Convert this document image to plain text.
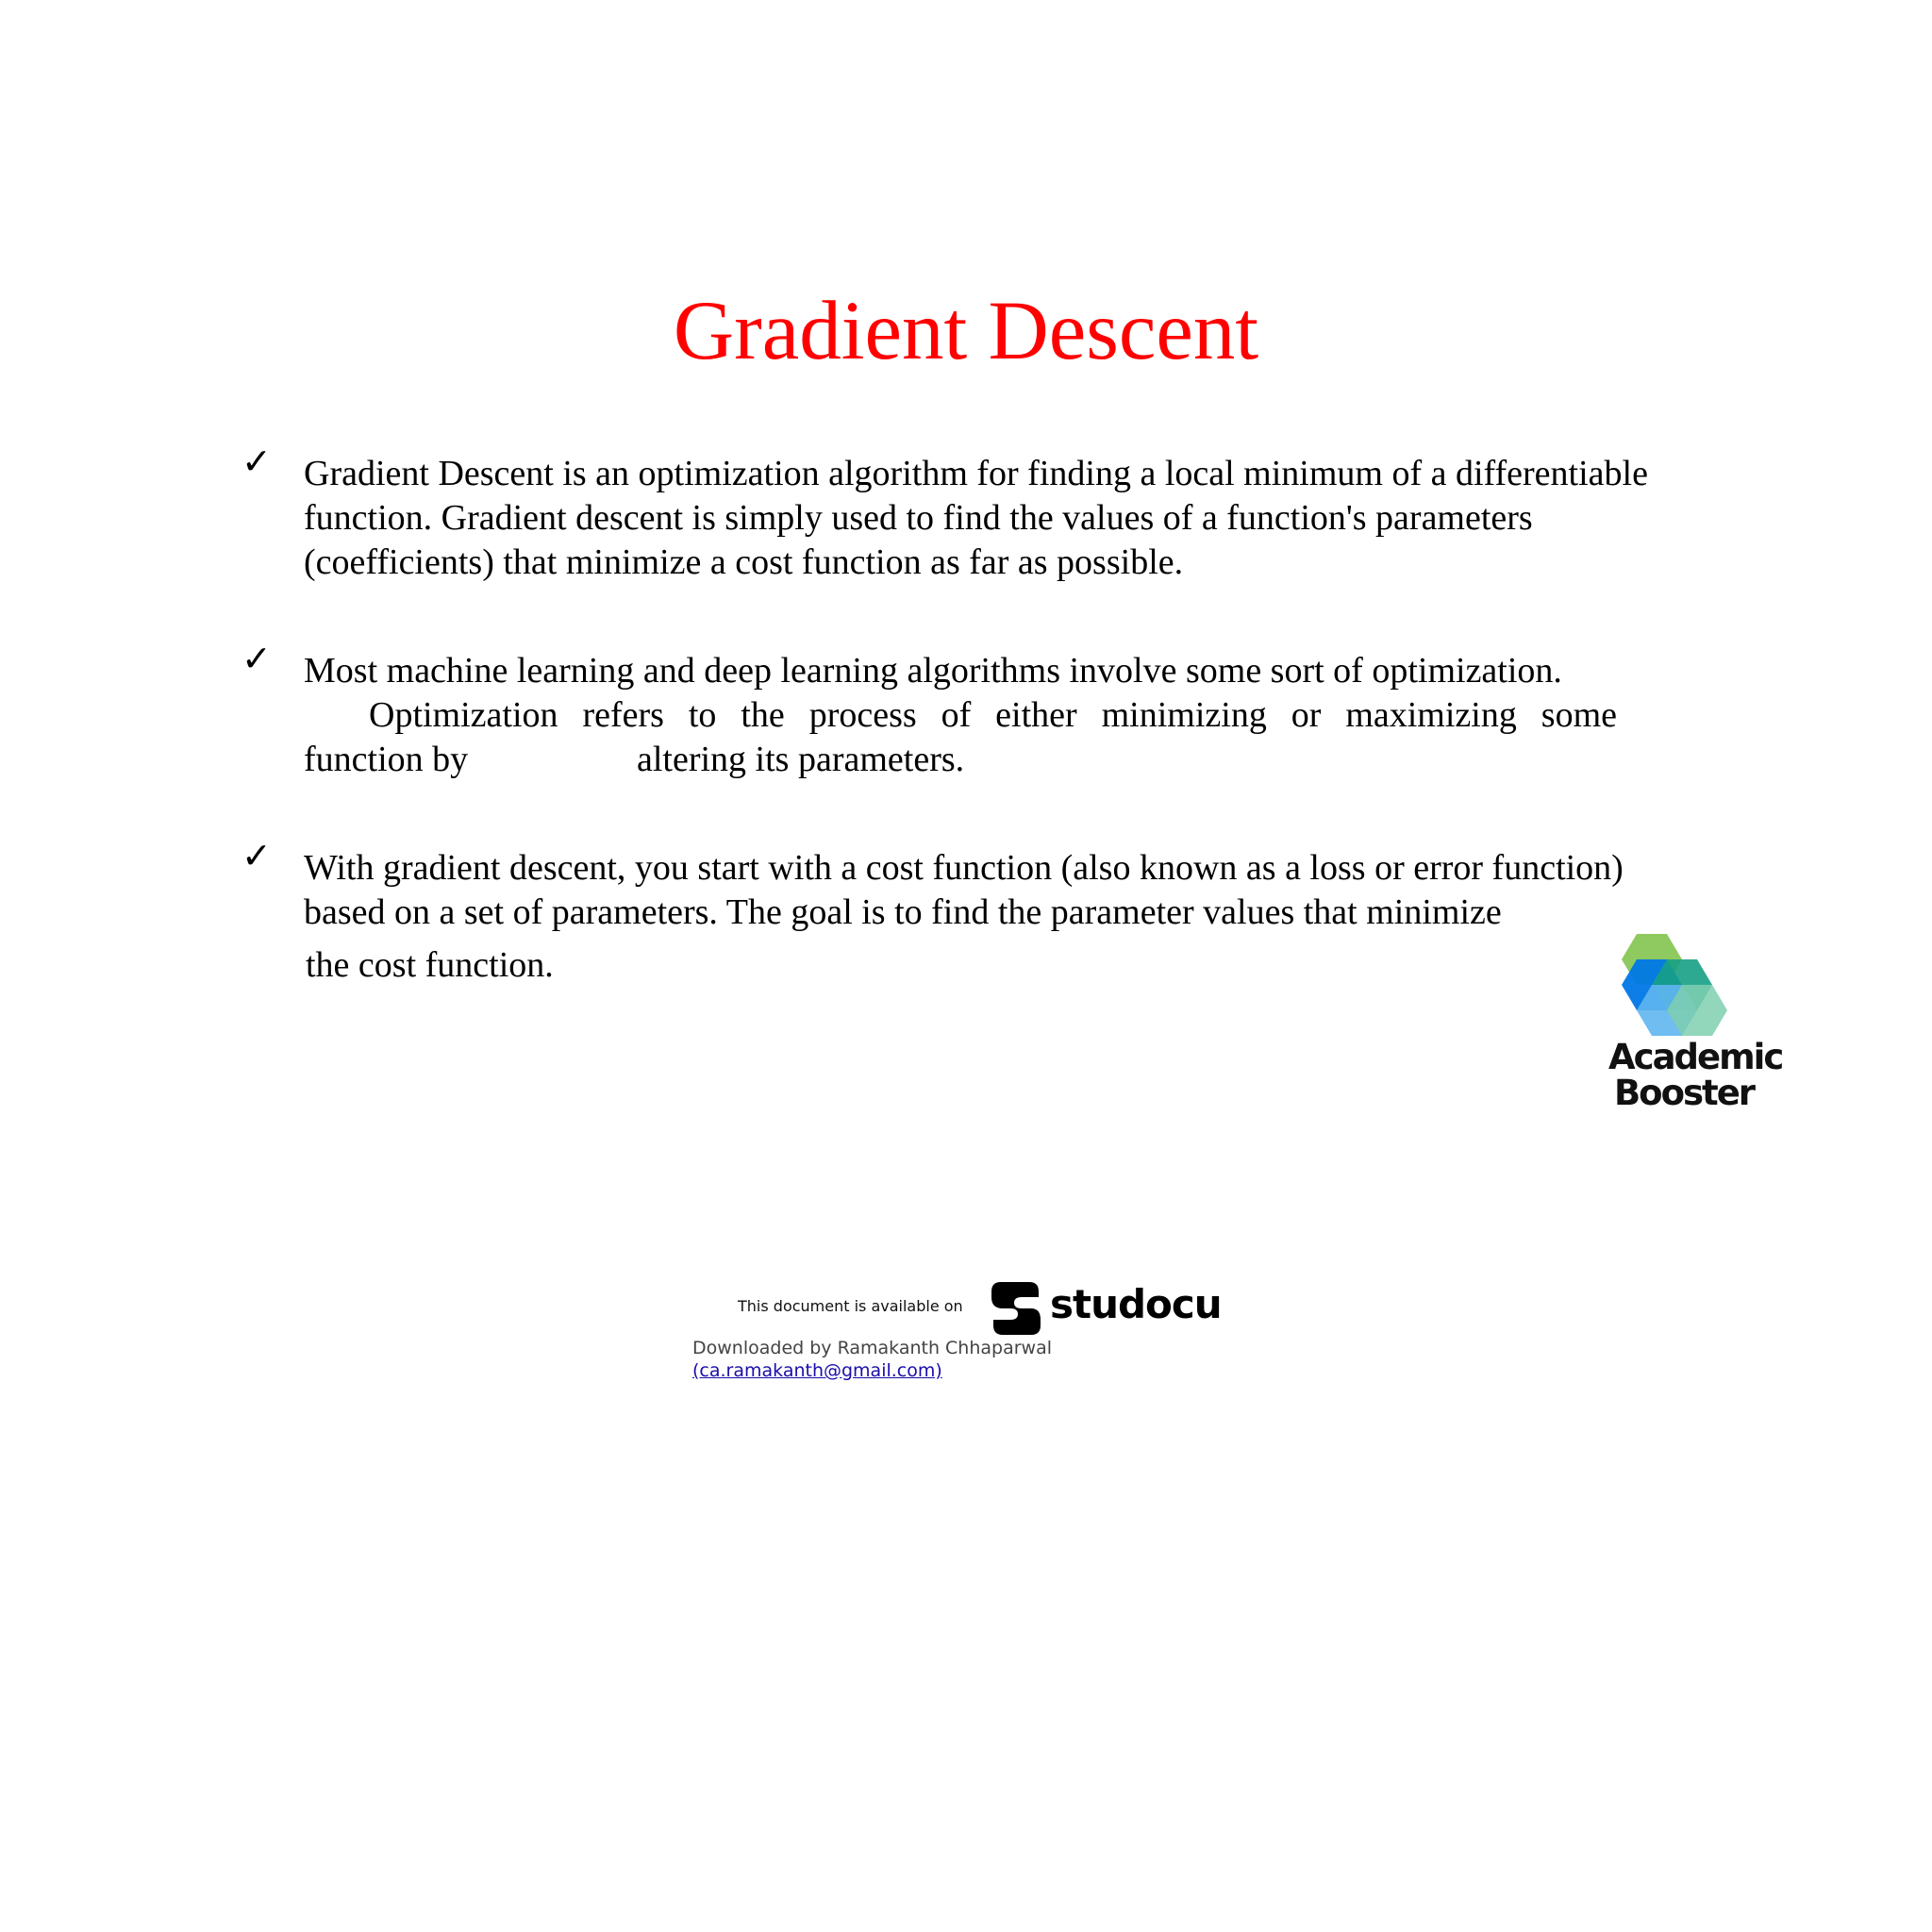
Gradient Descent
✓ Gradient Descent is an optimization algorithm for finding a local minimum of a differentiable
function. Gradient descent is simply used to find the values of a function's parameters
(coefficients) that minimize a cost function as far as possible.
✓ Most machine learning and deep learning algorithms involve some sort of optimization.
Optimization refers to the process of either minimizing or maximizing some
function by	altering its parameters.
✓ With gradient descent, you start with a cost function (also known as a loss or error function)
based on a set of parameters. The goal is to find the parameter values that minimize
the cost function.
Academic
Booster
This document is available on studocu
Downloaded by Ramakanth Chhaparwal
(ca.ramakanth@gmail.com)
